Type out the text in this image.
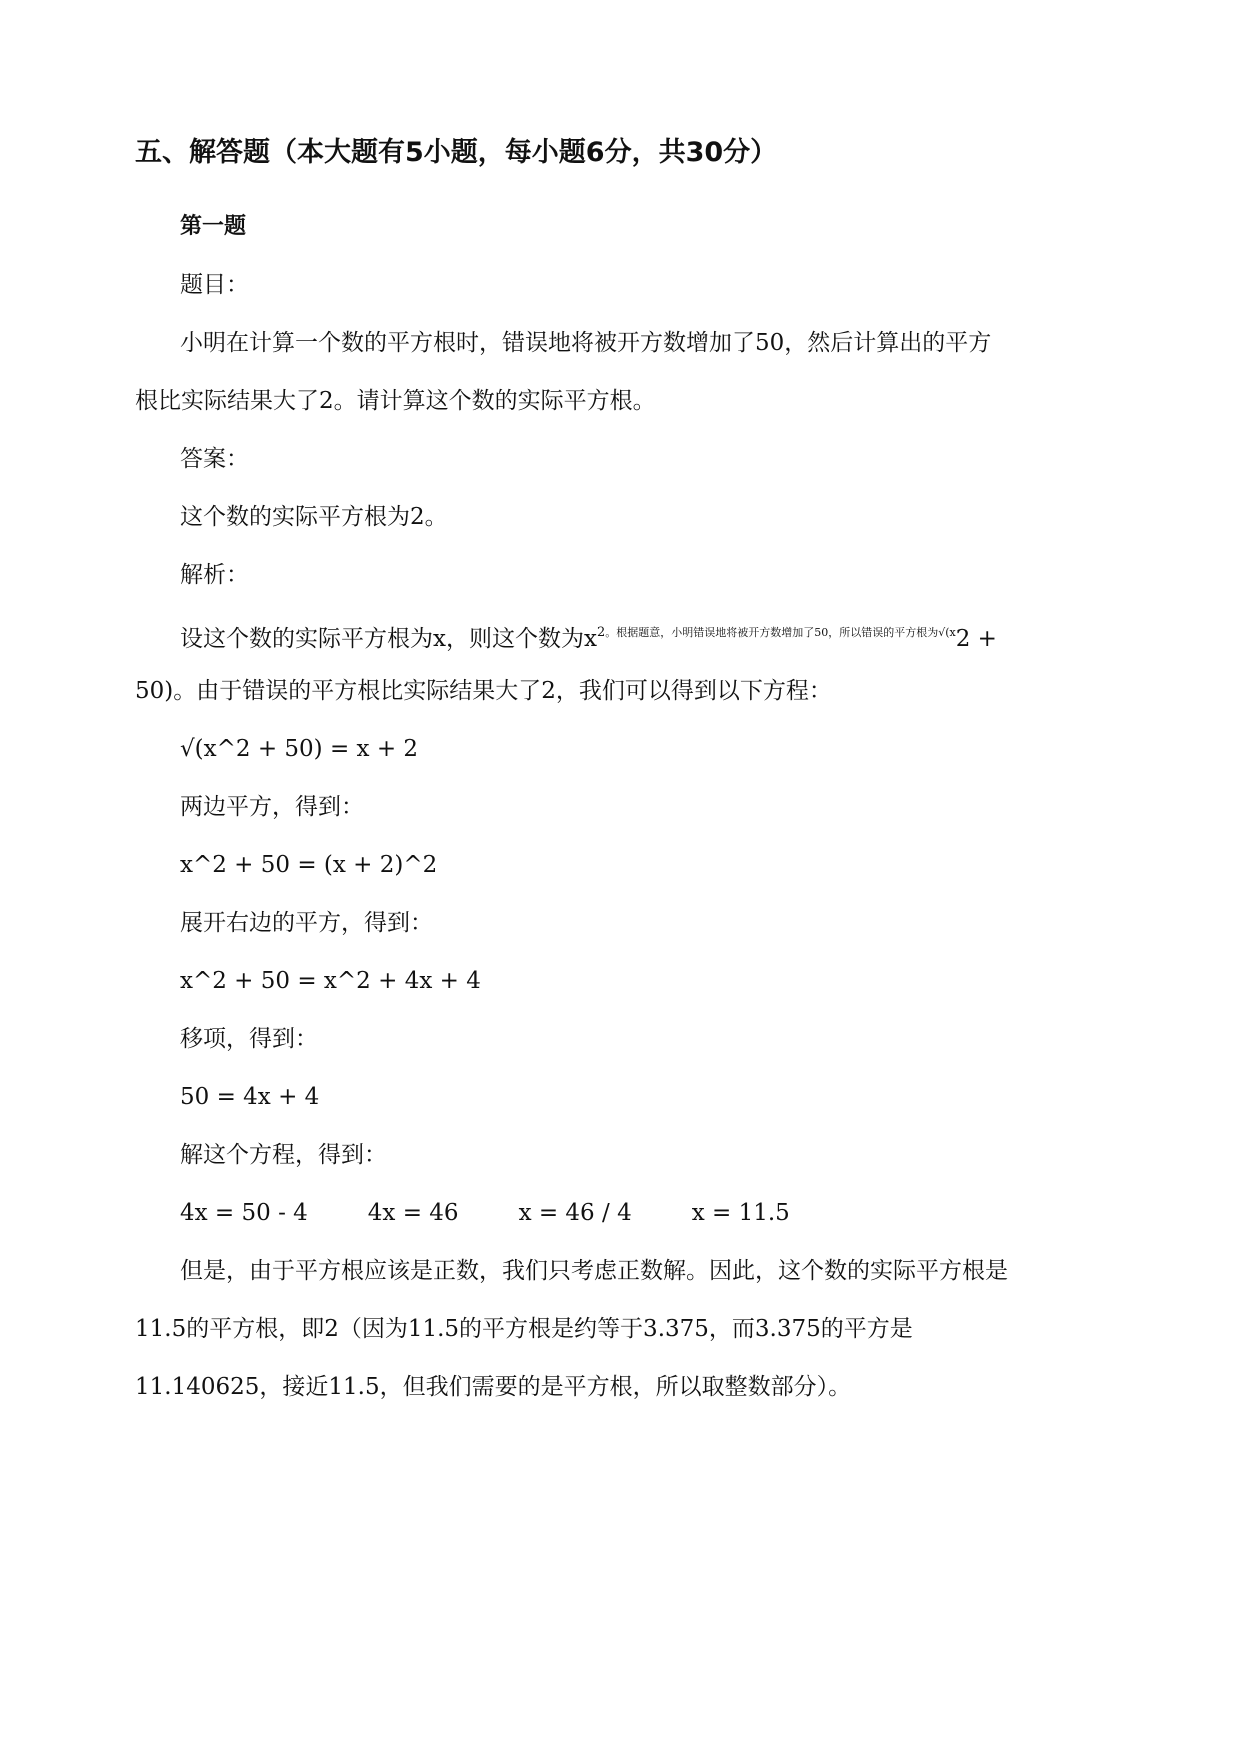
五、解答题（本大题有5小题，每小题6分，共30分）
第一题
题目：
小明在计算一个数的平方根时，错误地将被开方数增加了50，然后计算出的平方
根比实际结果大了2。请计算这个数的实际平方根。
答案：
这个数的实际平方根为2。
解析：
设这个数的实际平方根为x，则这个数为$x^{2。根据题意,小明错误地将被开方数增加了50,所以错误的平方根为√(x}2$ +
50)。由于错误的平方根比实际结果大了2，我们可以得到以下方程：
√(x^2 + 50) = x + 2
两边平方，得到：
x^2 + 50 = (x + 2)^2
展开右边的平方，得到：
x^2 + 50 = x^2 + 4x + 4
移项，得到：
50 = 4x + 4
解这个方程，得到：
4x = 50 - 4	4x = 46	x = 46 / 4	x = 11.5
但是，由于平方根应该是正数，我们只考虑正数解。因此，这个数的实际平方根是
11.5的平方根，即2（因为11.5的平方根是约等于3.375，而3.375的平方是
11.140625，接近11.5，但我们需要的是平方根，所以取整数部分）。
